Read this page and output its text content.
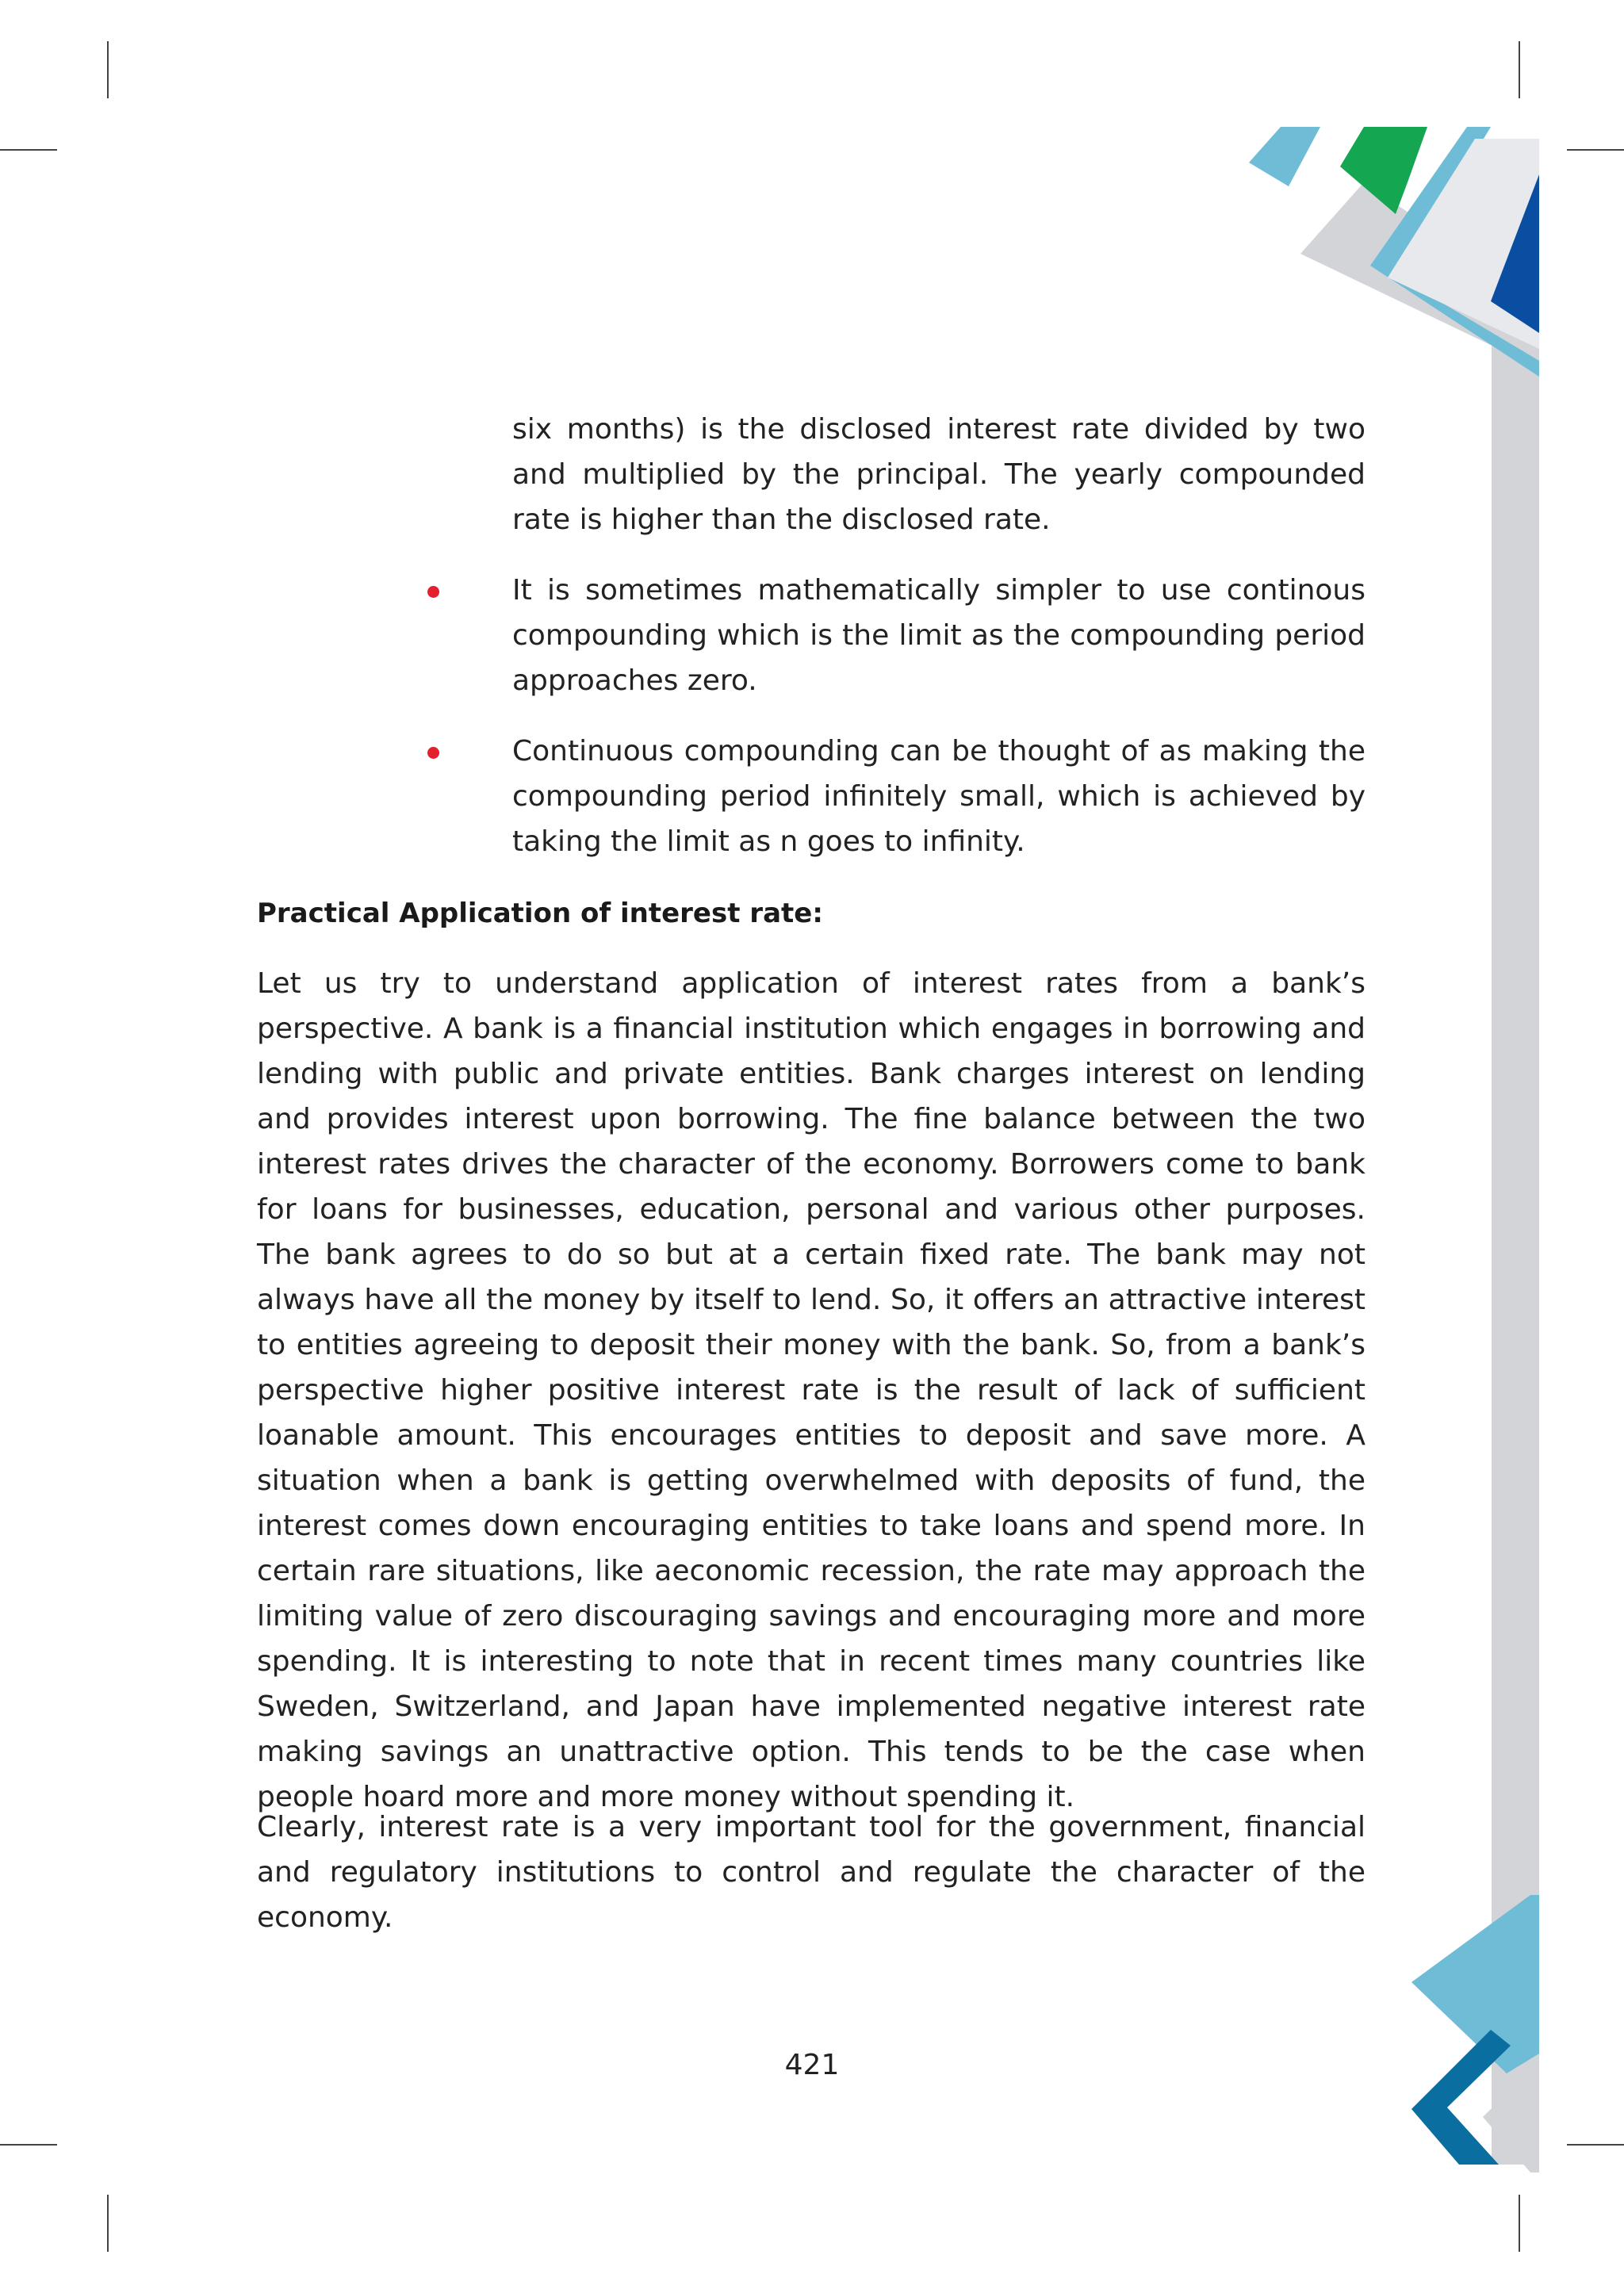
six months) is the disclosed interest rate divided by two and multiplied by the principal. The yearly compounded rate is higher than the disclosed rate.

It is sometimes mathematically simpler to use continous compounding which is the limit as the compounding period approaches zero.

Continuous compounding can be thought of as making the compounding period infinitely small, which is achieved by taking the limit as n goes to infinity.

Practical Application of interest rate:

Let us try to understand application of interest rates from a bank’s perspective. A bank is a financial institution which engages in borrowing and lending with public and private entities. Bank charges interest on lending and provides interest upon borrowing. The fine balance between the two interest rates drives the character of the economy. Borrowers come to bank for loans for businesses, education, personal and various other purposes. The bank agrees to do so but at a certain fixed rate. The bank may not always have all the money by itself to lend. So, it offers an attractive interest to entities agreeing to deposit their money with the bank. So, from a bank’s perspective higher positive interest rate is the result of lack of sufficient loanable amount. This encourages entities to deposit and save more. A situation when a bank is getting overwhelmed with deposits of fund, the interest comes down encouraging entities to take loans and spend more. In certain rare situations, like aeconomic recession, the rate may approach the limiting value of zero discouraging savings and encouraging more and more spending. It is interesting to note that in recent times many countries like Sweden, Switzerland, and Japan have implemented negative interest rate making savings an unattractive option. This tends to be the case when people hoard more and more money without spending it.

Clearly, interest rate is a very important tool for the government, financial and regulatory institutions to control and regulate the character of the economy.

421
